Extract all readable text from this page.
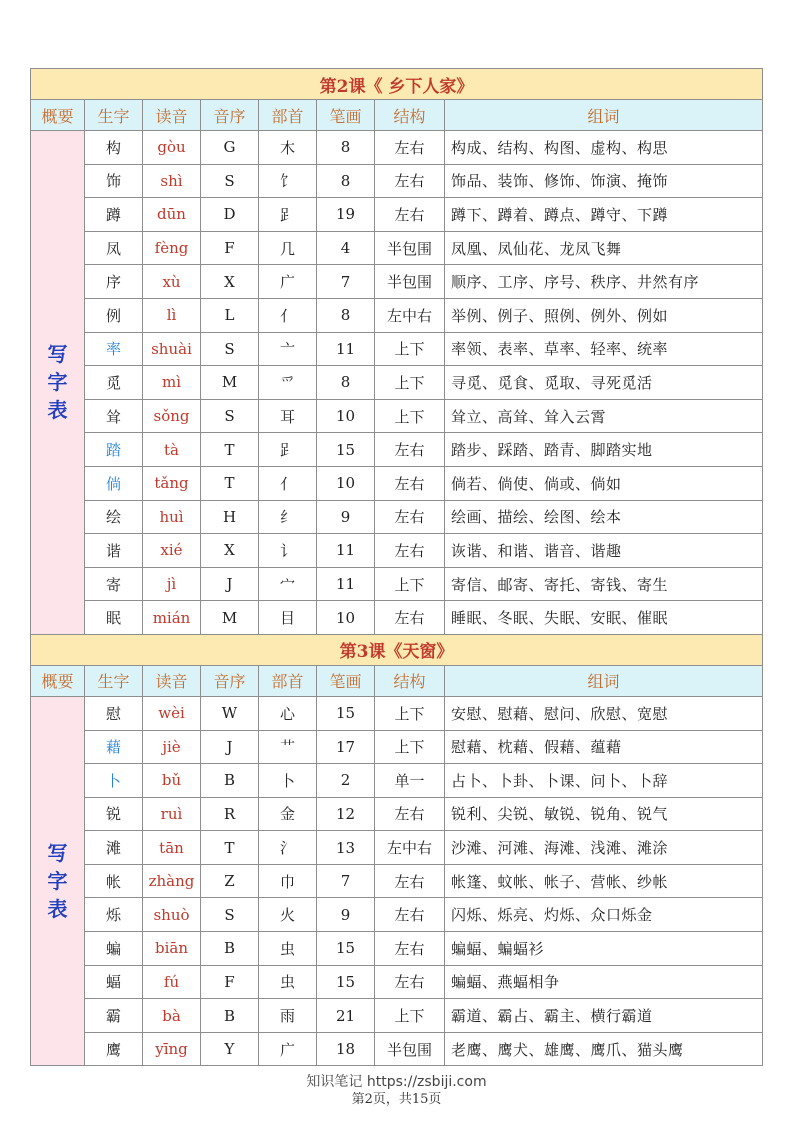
第2课《 乡下人家》							
概要	生字	读音	音序	部首	笔画	结构	组词

写
字
表	构	gòu	G	木	8	左右	构成、结构、构图、虚构、构思
	饰	shì	S	饣	8	左右	饰品、装饰、修饰、饰演、掩饰
	蹲	dūn	D	𧾷	19	左右	蹲下、蹲着、蹲点、蹲守、下蹲
	凤	fèng	F	几	4	半包围	凤凰、凤仙花、龙凤飞舞
	序	xù	X	广	7	半包围	顺序、工序、序号、秩序、井然有序
	例	lì	L	亻	8	左中右	举例、例子、照例、例外、例如
	率	shuài	S	亠	11	上下	率领、表率、草率、轻率、统率
	觅	mì	M	爫	8	上下	寻觅、觅食、觅取、寻死觅活
	耸	sǒng	S	耳	10	上下	耸立、高耸、耸入云霄
	踏	tà	T	𧾷	15	左右	踏步、踩踏、踏青、脚踏实地
	倘	tǎng	T	亻	10	左右	倘若、倘使、倘或、倘如
	绘	huì	H	纟	9	左右	绘画、描绘、绘图、绘本
	谐	xié	X	讠	11	左右	诙谐、和谐、谐音、谐趣
	寄	jì	J	宀	11	上下	寄信、邮寄、寄托、寄钱、寄生
	眠	mián	M	目	10	左右	睡眠、冬眠、失眠、安眠、催眠
第3课《天窗》							
概要	生字	读音	音序	部首	笔画	结构	组词

写
字
表	慰	wèi	W	心	15	上下	安慰、慰藉、慰问、欣慰、宽慰
	藉	jiè	J	艹	17	上下	慰藉、枕藉、假藉、蕴藉
	卜	bǔ	B	卜	2	单一	占卜、卜卦、卜课、问卜、卜辞
	锐	ruì	R	金	12	左右	锐利、尖锐、敏锐、锐角、锐气
	滩	tān	T	氵	13	左中右	沙滩、河滩、海滩、浅滩、滩涂
	帐	zhàng	Z	巾	7	左右	帐篷、蚊帐、帐子、营帐、纱帐
	烁	shuò	S	火	9	左右	闪烁、烁亮、灼烁、众口烁金
	蝙	biān	B	虫	15	左右	蝙蝠、蝙蝠衫
	蝠	fú	F	虫	15	左右	蝙蝠、燕蝠相争
	霸	bà	B	雨	21	上下	霸道、霸占、霸主、横行霸道
	鹰	yīng	Y	广	18	半包围	老鹰、鹰犬、雄鹰、鹰爪、猫头鹰
知识笔记 https://zsbiji.com
第2页，共15页
